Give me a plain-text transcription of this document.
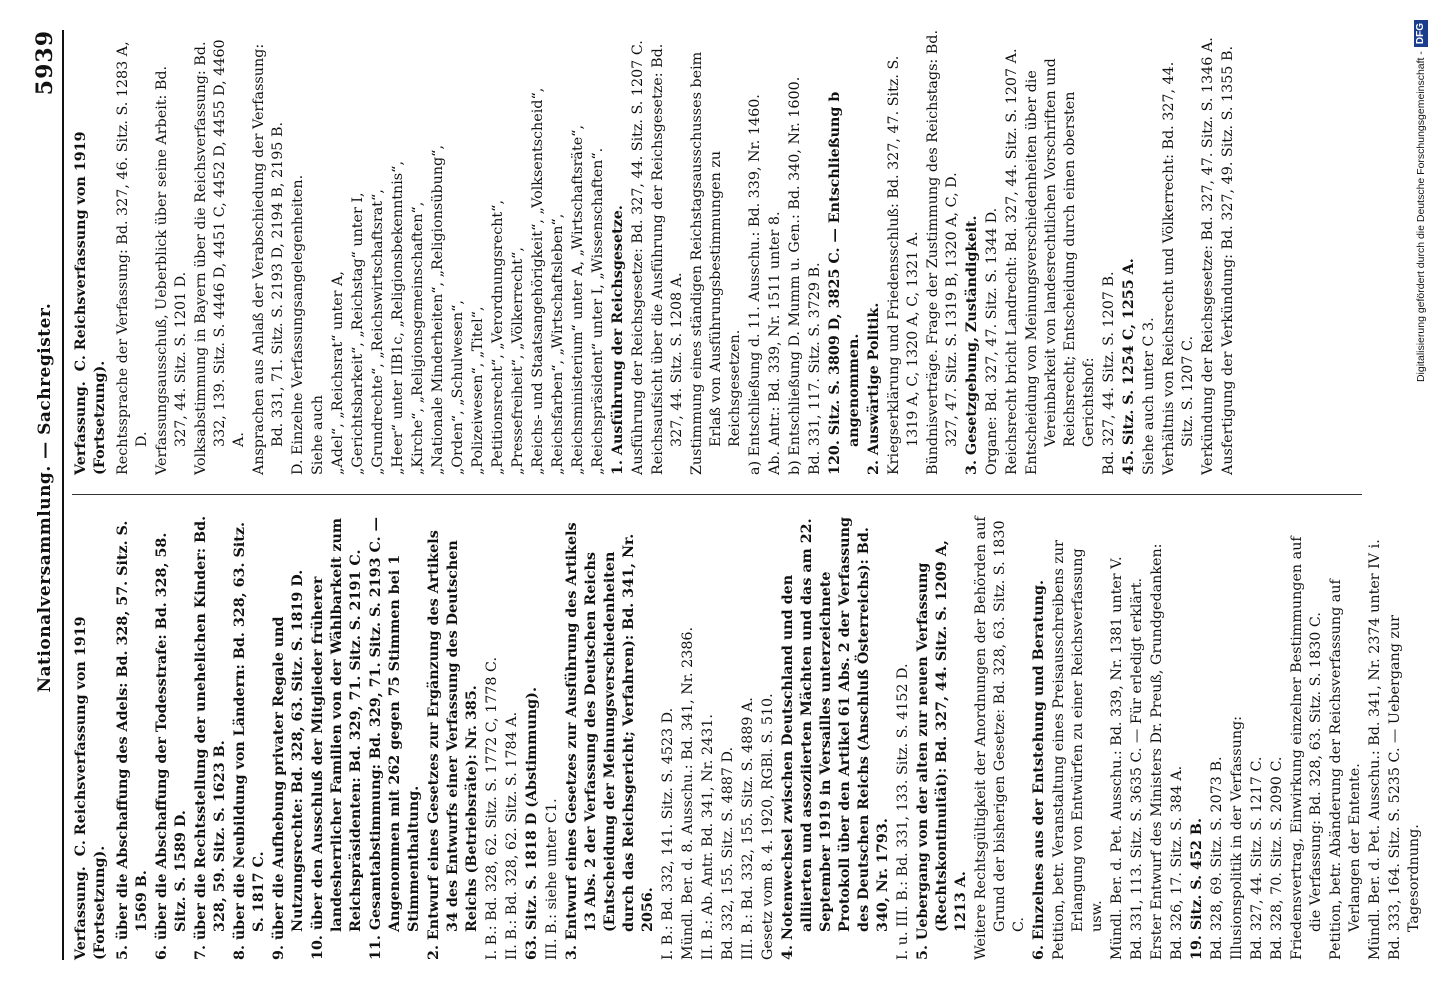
Nationalversammlung. — Sachregister.
5939
Verfassung.C. Reichsverfassung von 1919 (Fortsetzung). 5. über die Abschaffung des Adels: Bd. 328, 57. Sitz. S. 1569 B. 6. über die Abschaffung der Todesstrafe: Bd. 328, 58. Sitz. S. 1589 D. 7. über die Rechtsstellung der unehelichen Kinder: Bd. 328, 59. Sitz. S. 1623 B. 8. über die Neubildung von Ländern: Bd. 328, 63. Sitz. S. 1817 C. 9. über die Aufhebung privater Regale und Nutzungsrechte: Bd. 328, 63. Sitz. S. 1819 D. 10. über den Ausschluß der Mitglieder früherer landesherrlicher Familien von der Wählbarkeit zum Reichspräsidenten: Bd. 329, 71. Sitz. S. 2191 C. 11. Gesamtabstimmung: Bd. 329, 71. Sitz. S. 2193 C. — Angenommen mit 262 gegen 75 Stimmen bei 1 Stimmenthaltung. 2. Entwurf eines Gesetzes zur Ergänzung des Artikels 34 des Entwurfs einer Verfassung des Deutschen Reichs (Betriebsräte): Nr. 385. I. B.: Bd. 328, 62. Sitz. S. 1772 C, 1778 C. II. B.: Bd. 328, 62. Sitz. S. 1784 A. 63. Sitz. S. 1818 D (Abstimmung). III. B.: siehe unter C1. 3. Entwurf eines Gesetzes zur Ausführung des Artikels 13 Abs. 2 der Verfassung des Deutschen Reichs (Entscheidung der Meinungsverschiedenheiten durch das Reichsgericht; Verfahren): Bd. 341, Nr. 2056. I. B.: Bd. 332, 141. Sitz. S. 4523 D. Mündl. Ber. d. 8. Ausschu.: Bd. 341, Nr. 2386. II. B.: Ab. Antr. Bd. 341, Nr. 2431. Bd. 332, 155. Sitz. S. 4887 D. III. B.: Bd. 332, 155. Sitz. S. 4889 A. Gesetz vom 8. 4. 1920, RGBl. S. 510. 4. Notenwechsel zwischen Deutschland und den alliierten und assoziierten Mächten und das am 22. September 1919 in Versailles unterzeichnete Protokoll über den Artikel 61 Abs. 2 der Verfassung des Deutschen Reichs (Anschluß Österreichs): Bd. 340, Nr. 1793. I. u. III. B.: Bd. 331, 133. Sitz. S. 4152 D. 5. Uebergang von der alten zur neuen Verfassung (Rechtskontinuität): Bd. 327, 44. Sitz. S. 1209 A, 1213 A. Weitere Rechtsgültigkeit der Anordnungen der Behörden auf Grund der bisherigen Gesetze: Bd. 328, 63. Sitz. S. 1830 C. 6. Einzelnes aus der Entstehung und Beratung. Petition, betr. Veranstaltung eines Preisausschreibens zur Erlangung von Entwürfen zu einer Reichsverfassung usw. Mündl. Ber. d. Pet. Ausschu.: Bd. 339, Nr. 1381 unter V. Bd. 331, 113. Sitz. S. 3635 C. — Für erledigt erklärt. Erster Entwurf des Ministers Dr. Preuß, Grundgedanken: Bd. 326, 17. Sitz. S. 384 A. 19. Sitz. S. 452 B. Bd. 328, 69. Sitz. S. 2073 B. Illusionspolitik in der Verfassung: Bd. 327, 44. Sitz. S. 1217 C. Bd. 328, 70. Sitz. S. 2090 C. Friedensvertrag, Einwirkung einzelner Bestimmungen auf die Verfassung: Bd. 328, 63. Sitz. S. 1830 C. Petition, betr. Abänderung der Reichsverfassung auf Verlangen der Entente. Mündl. Ber. d. Pet. Ausschu.: Bd. 341, Nr. 2374 unter IV i. Bd. 333, 164. Sitz. S. 5235 C. — Uebergang zur Tagesordnung.

Verfassung.C. Reichsverfassung von 1919 (Fortsetzung). Rechtssprache der Verfassung: Bd. 327, 46. Sitz. S. 1283 A, D. Verfassungsausschuß, Ueberblick über seine Arbeit: Bd. 327, 44. Sitz. S. 1201 D. Volksabstimmung in Bayern über die Reichsverfassung: Bd. 332, 139. Sitz. S. 4446 D, 4451 C, 4452 D, 4455 D, 4460 A. Ansprachen aus Anlaß der Verabschiedung der Verfassung: Bd. 331, 71. Sitz. S. 2193 D, 2194 B, 2195 B. D. Einzelne Verfassungsangelegenheiten. Siehe auch „Adel“, „Reichsrat“ unter A, „Gerichtsbarkeit“, „Reichstag“ unter I, „Grundrechte“, „Reichswirtschaftsrat“, „Heer“ unter IIB1c, „Religionsbekenntnis“, „Kirche“, „Religionsgemeinschaften“, „Nationale Minderheiten“, „Religionsübung“, „Orden“, „Schulwesen“, „Polizeiwesen“, „Titel“, „Petitionsrecht“, „Verordnungsrecht“, „Pressefreiheit“, „Völkerrecht“, „Reichs- und Staatsangehörigkeit“, „Volksentscheid“, „Reichsfarben“, „Wirtschaftsleben“, „Reichsministerium“ unter A, „Wirtschaftsräte“, „Reichspräsident“ unter I, „Wissenschaften“. 1. Ausführung der Reichsgesetze. Ausführung der Reichsgesetze: Bd. 327, 44. Sitz. S. 1207 C. Reichsaufsicht über die Ausführung der Reichsgesetze: Bd. 327, 44. Sitz. S. 1208 A. Zustimmung eines ständigen Reichstagsausschusses beim Erlaß von Ausführungsbestimmungen zu Reichsgesetzen. a) Entschließung d. 11. Ausschu.: Bd. 339, Nr. 1460. Ab. Antr.: Bd. 339, Nr. 1511 unter 8. b) Entschließung D. Mumm u. Gen.: Bd. 340, Nr. 1600. Bd. 331, 117. Sitz. S. 3729 B. 120. Sitz. S. 3809 D, 3825 C. — Entschließung b angenommen. 2. Auswärtige Politik. Kriegserklärung und Friedensschluß: Bd. 327, 47. Sitz. S. 1319 A, C, 1320 A, C, 1321 A. Bündnisverträge. Frage der Zustimmung des Reichstags: Bd. 327, 47. Sitz. S. 1319 B, 1320 A, C, D. 3. Gesetzgebung, Zuständigkeit. Organe: Bd. 327, 47. Sitz. S. 1344 D. Reichsrecht bricht Landrecht: Bd. 327, 44. Sitz. S. 1207 A. Entscheidung von Meinungsverschiedenheiten über die Vereinbarkeit von landesrechtlichen Vorschriften und Reichsrecht; Entscheidung durch einen obersten Gerichtshof: Bd. 327, 44. Sitz. S. 1207 B. 45. Sitz. S. 1254 C, 1255 A. Siehe auch unter C 3. Verhältnis von Reichsrecht und Völkerrecht: Bd. 327, 44. Sitz. S. 1207 C. Verkündung der Reichsgesetze: Bd. 327, 47. Sitz. S. 1346 A. Ausfertigung der Verkündung: Bd. 327, 49. Sitz. S. 1355 B.	Digitalisierung gefördert durch die Deutsche Forschungsgemeinschaft -
DFG
